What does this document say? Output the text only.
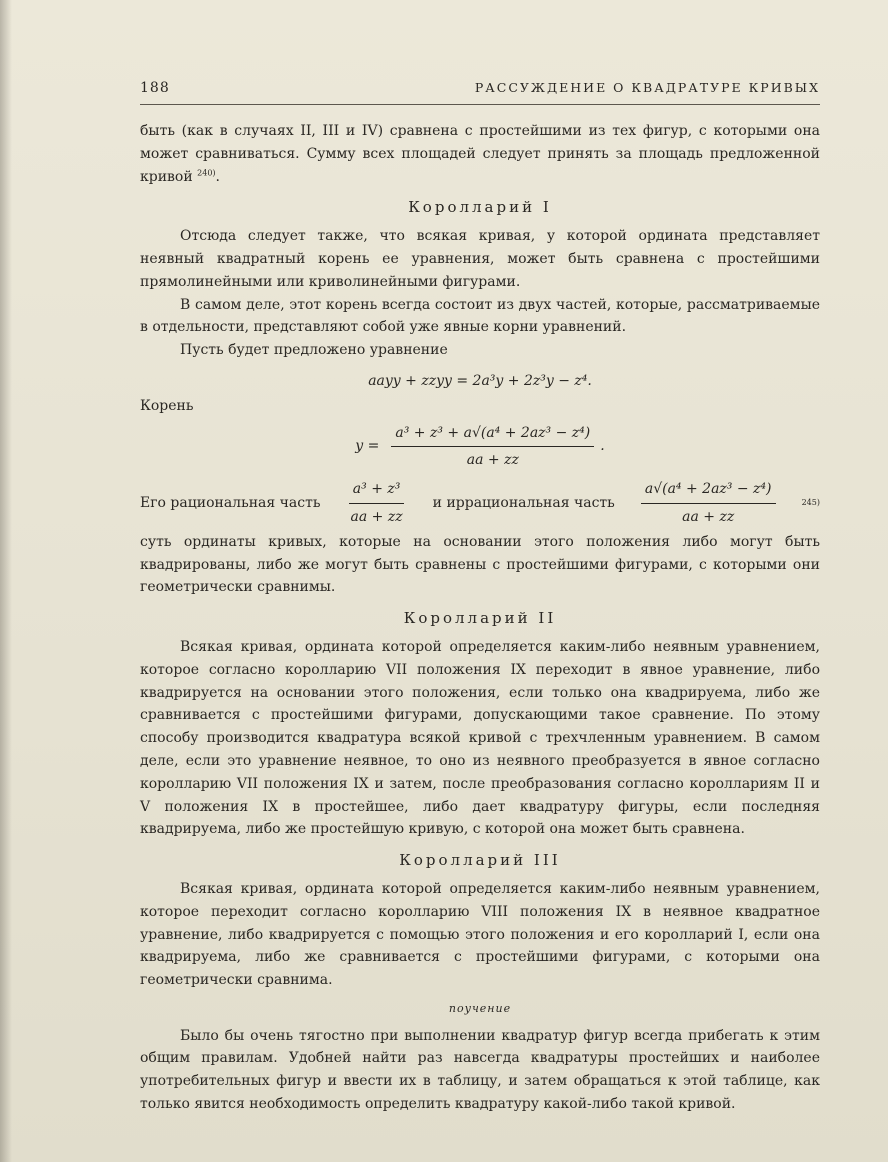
188	РАССУЖДЕНИЕ О КВАДРАТУРЕ КРИВЫХ

быть (как в случаях II, III и IV) сравнена с простейшими из тех фигур, с которыми она может сравниваться. Сумму всех площадей следует принять за площадь предложенной кривой $^{240)}$.

Королларий I

Отсюда следует также, что всякая кривая, у которой ордината представляет неявный квадратный корень ее уравнения, может быть сравнена с простейшими прямолинейными или криволинейными фигурами.

В самом деле, этот корень всегда состоит из двух частей, которые, рассматриваемые в отдельности, представляют собой уже явные корни уравнений.

Пусть будет предложено уравнение

aayy + zzyy = 2a³y + 2z³y − z⁴.

Корень

$y = \frac{\text{a³ + z³ + a√(a⁴ + 2az³ − z⁴)}}{aa + zz}$ .
Его рациональная часть $\frac{\text{a³ + z³}}{aa + zz}$ и иррациональная часть $\frac{\text{a√(a⁴ + 2az³ − z⁴)}}{aa + zz}$	245)

суть ординаты кривых, которые на основании этого положения либо могут быть квадрированы, либо же могут быть сравнены с простейшими фигурами, с которыми они геометрически сравнимы.

Королларий II

Всякая кривая, ордината которой определяется каким-либо неявным уравнением, которое согласно королларию VII положения IX переходит в явное уравнение, либо квадрируется на основании этого положения, если только она квадрируема, либо же сравнивается с простейшими фигурами, допускающими такое сравнение. По этому способу производится квадратура всякой кривой с трехчленным уравнением. В самом деле, если это уравнение неявное, то оно из неявного преобразуется в явное согласно королларию VII положения IX и затем, после преобразования согласно короллариям II и V положения IX в простейшее, либо дает квадратуру фигуры, если последняя квадрируема, либо же простейшую кривую, с которой она может быть сравнена.

Королларий III

Всякая кривая, ордината которой определяется каким-либо неявным уравнением, которое переходит согласно королларию VIII положения IX в неявное квадратное уравнение, либо квадрируется с помощью этого положения и его королларий I, если она квадрируема, либо же сравнивается с простейшими фигурами, с которыми она геометрически сравнима.

поучение

Было бы очень тягостно при выполнении квадратур фигур всегда прибегать к этим общим правилам. Удобней найти раз навсегда квадратуры простейших и наиболее употребительных фигур и ввести их в таблицу, и затем обращаться к этой таблице, как только явится необходимость определить квадратуру какой-либо такой кривой.
